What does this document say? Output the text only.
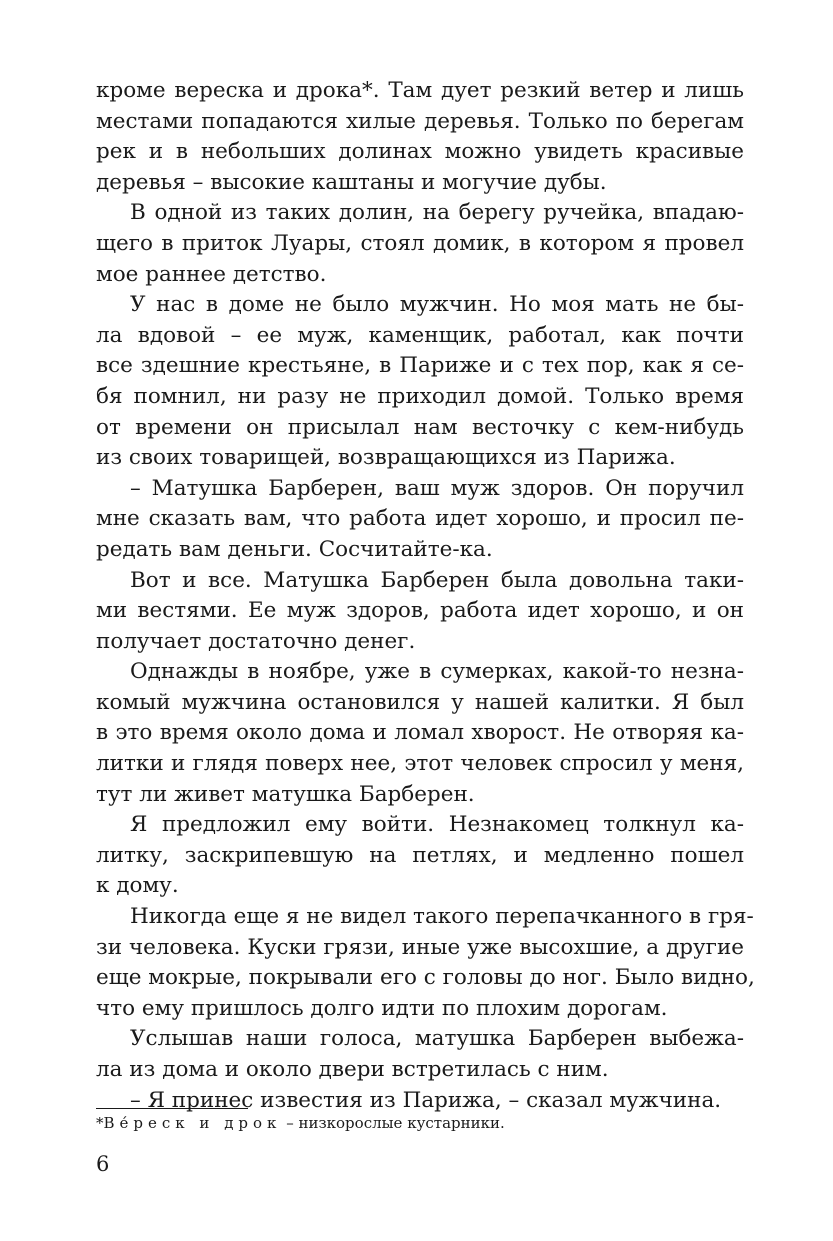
кроме вереска и дрока*. Там дует резкий ветер и лишь
местами попадаются хилые деревья. Только по берегам
рек и в небольших долинах можно увидеть красивые
деревья – высокие каштаны и могучие дубы.
В одной из таких долин, на берегу ручейка, впадаю-
щего в приток Луары, стоял домик, в котором я провел
мое раннее детство.
У нас в доме не было мужчин. Но моя мать не бы-
ла вдовой – ее муж, каменщик, работал, как почти
все здешние крестьяне, в Париже и с тех пор, как я се-
бя помнил, ни разу не приходил домой. Только время
от времени он присылал нам весточку с кем-нибудь
из своих товарищей, возвращающихся из Парижа.
– Матушка Барберен, ваш муж здоров. Он поручил
мне сказать вам, что работа идет хорошо, и просил пе-
редать вам деньги. Сосчитайте-ка.
Вот и все. Матушка Барберен была довольна таки-
ми вестями. Ее муж здоров, работа идет хорошо, и он
получает достаточно денег.
Однажды в ноябре, уже в сумерках, какой-то незна-
комый мужчина остановился у нашей калитки. Я был
в это время около дома и ломал хворост. Не отворяя ка-
литки и глядя поверх нее, этот человек спросил у меня,
тут ли живет матушка Барберен.
Я предложил ему войти. Незнакомец толкнул ка-
литку, заскрипевшую на петлях, и медленно пошел
к дому.
Никогда еще я не видел такого перепачканного в гря-
зи человека. Куски грязи, иные уже высохшие, а другие
еще мокрые, покрывали его с головы до ног. Было видно,
что ему пришлось долго идти по плохим дорогам.
Услышав наши голоса, матушка Барберен выбежа-
ла из дома и около двери встретилась с ним.
– Я принес известия из Парижа, – сказал мужчина.
*Ве́реск и дрок – низкорослые кустарники.
6
